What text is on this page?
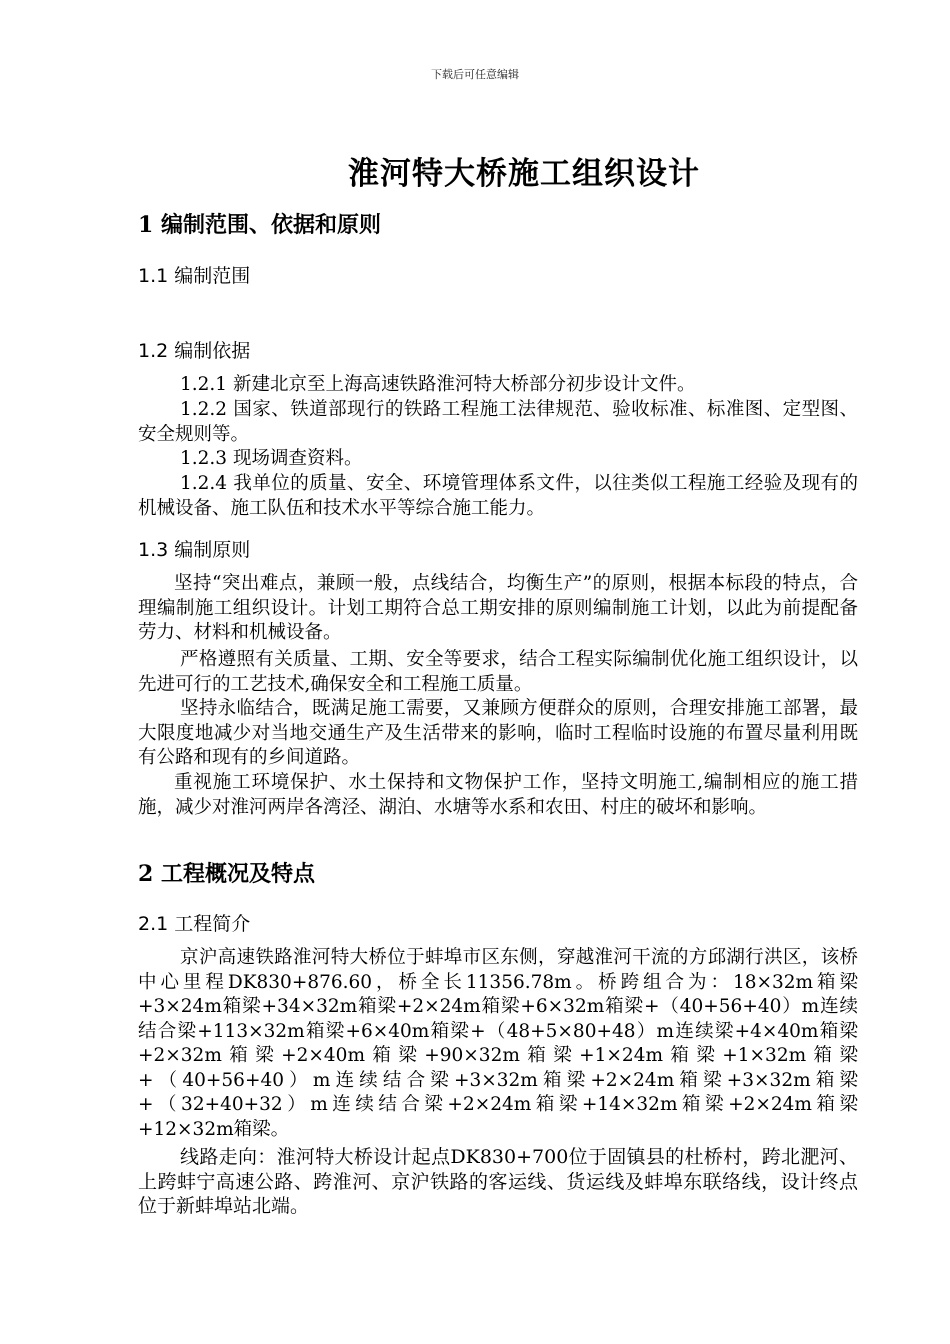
下载后可任意编辑
淮河特大桥施工组织设计
1 编制范围、依据和原则
1.1 编制范围
1.2 编制依据
1.2.1 新建北京至上海高速铁路淮河特大桥部分初步设计文件。
1.2.2 国家、铁道部现行的铁路工程施工法律规范、验收标准、标准图、定型图、安全规则等。
1.2.3 现场调查资料。
1.2.4 我单位的质量、安全、环境管理体系文件，以往类似工程施工经验及现有的机械设备、施工队伍和技术水平等综合施工能力。
1.3 编制原则
坚持“突出难点，兼顾一般，点线结合，均衡生产”的原则，根据本标段的特点，合理编制施工组织设计。计划工期符合总工期安排的原则编制施工计划，以此为前提配备劳力、材料和机械设备。
严格遵照有关质量、工期、安全等要求，结合工程实际编制优化施工组织设计，以先进可行的工艺技术,确保安全和工程施工质量。
坚持永临结合，既满足施工需要，又兼顾方便群众的原则，合理安排施工部署，最大限度地减少对当地交通生产及生活带来的影响，临时工程临时设施的布置尽量利用既有公路和现有的乡间道路。
重视施工环境保护、水土保持和文物保护工作，坚持文明施工,编制相应的施工措施，减少对淮河两岸各湾泾、湖泊、水塘等水系和农田、村庄的破坏和影响。
2 工程概况及特点
2.1 工程简介
京沪高速铁路淮河特大桥位于蚌埠市区东侧，穿越淮河干流的方邱湖行洪区，该桥中心里程DK830+876.60，桥全长11356.78m。桥跨组合为：18×32m箱梁+3×24m箱梁+34×32m箱梁+2×24m箱梁+6×32m箱梁+（40+56+40）m连续结合梁+113×32m箱梁+6×40m箱梁+（48+5×80+48）m连续梁+4×40m箱梁+2×32m箱梁+2×40m箱梁+90×32m箱梁+1×24m箱梁+1×32m箱梁+（40+56+40）m连续结合梁+3×32m箱梁+2×24m箱梁+3×32m箱梁+（32+40+32）m连续结合梁+2×24m箱梁+14×32m箱梁+2×24m箱梁+12×32m箱梁。
线路走向：淮河特大桥设计起点DK830+700位于固镇县的杜桥村，跨北淝河、上跨蚌宁高速公路、跨淮河、京沪铁路的客运线、货运线及蚌埠东联络线，设计终点位于新蚌埠站北端。
